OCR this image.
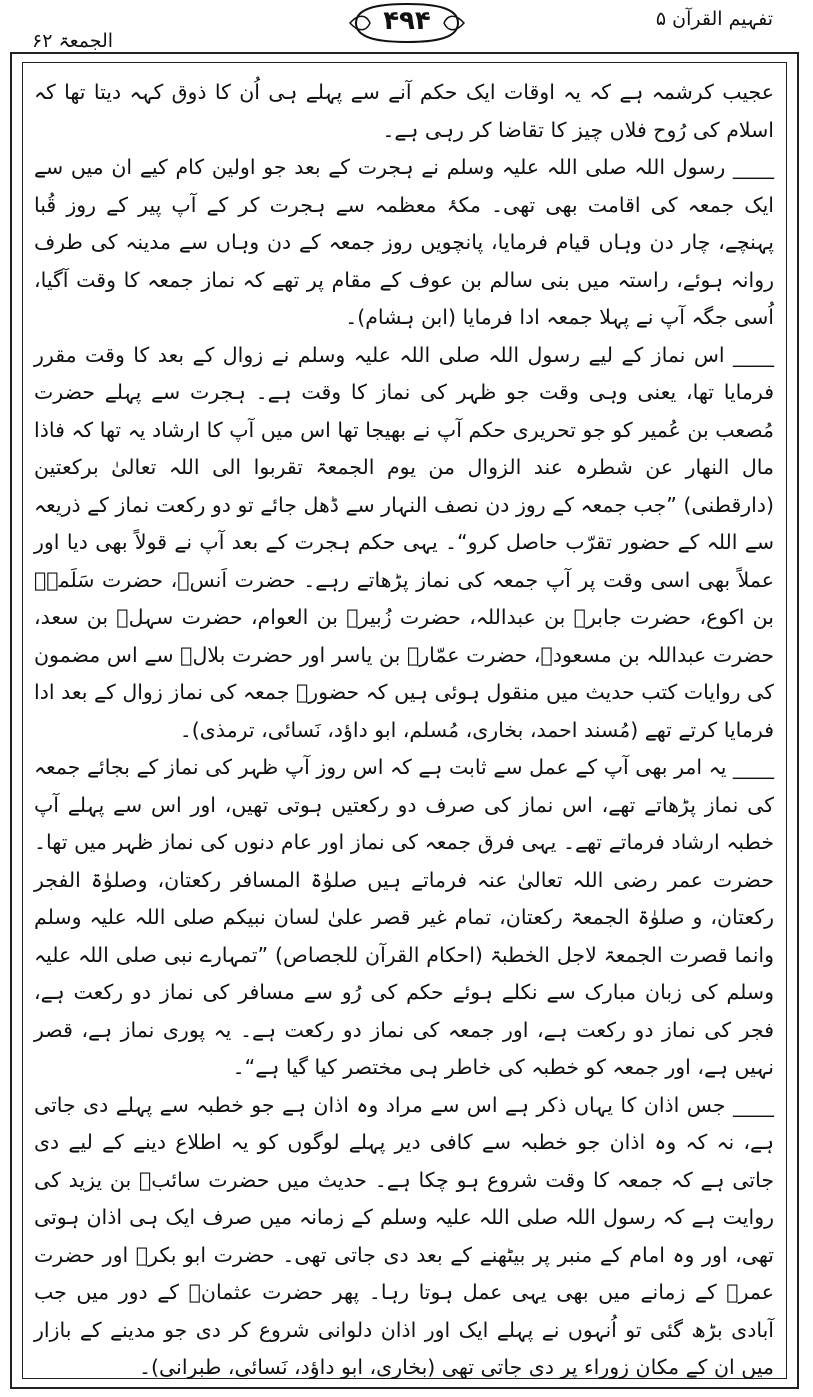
تفہیم القرآن ۵
۴۹۴
الجمعۃ ۶۲

عجیب کرشمہ ہے کہ یہ اوقات ایک حکم آنے سے پہلے ہی اُن کا ذوق کہہ دیتا تھا کہ اسلام کی رُوح فلاں چیز کا تقاضا کر رہی ہے۔

____ رسول اللہ صلی اللہ علیہ وسلم نے ہجرت کے بعد جو اولین کام کیے ان میں سے ایک جمعہ کی اقامت بھی تھی۔ مکۂ معظمہ سے ہجرت کر کے آپ پیر کے روز قُبا پہنچے، چار دن وہاں قیام فرمایا، پانچویں روز جمعہ کے دن وہاں سے مدینہ کی طرف روانہ ہوئے، راستہ میں بنی سالم بن عوف کے مقام پر تھے کہ نماز جمعہ کا وقت آگیا، اُسی جگہ آپ نے پہلا جمعہ ادا فرمایا (ابن ہشام)۔

____ اس نماز کے لیے رسول اللہ صلی اللہ علیہ وسلم نے زوال کے بعد کا وقت مقرر فرمایا تھا، یعنی وہی وقت جو ظہر کی نماز کا وقت ہے۔ ہجرت سے پہلے حضرت مُصعب بن عُمیر کو جو تحریری حکم آپ نے بھیجا تھا اس میں آپ کا ارشاد یہ تھا کہ فاذا مال النھار عن شطرہ عند الزوال من یوم الجمعۃ تقربوا الی اللہ تعالیٰ برکعتین (دارقطنی) ”جب جمعہ کے روز دن نصف النہار سے ڈھل جائے تو دو رکعت نماز کے ذریعہ سے اللہ کے حضور تقرّب حاصل کرو“۔ یہی حکم ہجرت کے بعد آپ نے قولاً بھی دیا اور عملاً بھی اسی وقت پر آپ جمعہ کی نماز پڑھاتے رہے۔ حضرت اَنسؓ، حضرت سَلَمہؓ بن اکوع، حضرت جابرؓ بن عبداللہ، حضرت زُبیرؓ بن العوام، حضرت سہلؓ بن سعد، حضرت عبداللہ بن مسعودؓ، حضرت عمّارؓ بن یاسر اور حضرت بلالؓ سے اس مضمون کی روایات کتب حدیث میں منقول ہوئی ہیں کہ حضورؐ جمعہ کی نماز زوال کے بعد ادا فرمایا کرتے تھے (مُسند احمد، بخاری، مُسلم، ابو داؤد، نَسائی، ترمذی)۔

____ یہ امر بھی آپ کے عمل سے ثابت ہے کہ اس روز آپ ظہر کی نماز کے بجائے جمعہ کی نماز پڑھاتے تھے، اس نماز کی صرف دو رکعتیں ہوتی تھیں، اور اس سے پہلے آپ خطبہ ارشاد فرماتے تھے۔ یہی فرق جمعہ کی نماز اور عام دنوں کی نماز ظہر میں تھا۔ حضرت عمر رضی اللہ تعالیٰ عنہ فرماتے ہیں صلوٰۃ المسافر رکعتان، وصلوٰۃ الفجر رکعتان، و صلوٰۃ الجمعۃ رکعتان، تمام غیر قصر علیٰ لسان نبیکم صلی اللہ علیہ وسلم وانما قصرت الجمعۃ لاجل الخطبۃ (احکام القرآن للجصاص) ”تمہارے نبی صلی اللہ علیہ وسلم کی زبان مبارک سے نکلے ہوئے حکم کی رُو سے مسافر کی نماز دو رکعت ہے، فجر کی نماز دو رکعت ہے، اور جمعہ کی نماز دو رکعت ہے۔ یہ پوری نماز ہے، قصر نہیں ہے، اور جمعہ کو خطبہ کی خاطر ہی مختصر کیا گیا ہے“۔

____ جس اذان کا یہاں ذکر ہے اس سے مراد وہ اذان ہے جو خطبہ سے پہلے دی جاتی ہے، نہ کہ وہ اذان جو خطبہ سے کافی دیر پہلے لوگوں کو یہ اطلاع دینے کے لیے دی جاتی ہے کہ جمعہ کا وقت شروع ہو چکا ہے۔ حدیث میں حضرت سائبؓ بن یزید کی روایت ہے کہ رسول اللہ صلی اللہ علیہ وسلم کے زمانہ میں صرف ایک ہی اذان ہوتی تھی، اور وہ امام کے منبر پر بیٹھنے کے بعد دی جاتی تھی۔ حضرت ابو بکرؓ اور حضرت عمرؓ کے زمانے میں بھی یہی عمل ہوتا رہا۔ پھر حضرت عثمانؓ کے دور میں جب آبادی بڑھ گئی تو اُنہوں نے پہلے ایک اور اذان دلوانی شروع کر دی جو مدینے کے بازار میں ان کے مکان زوراء پر دی جاتی تھی (بخاری، ابو داؤد، نَسائی، طبرانی)۔
